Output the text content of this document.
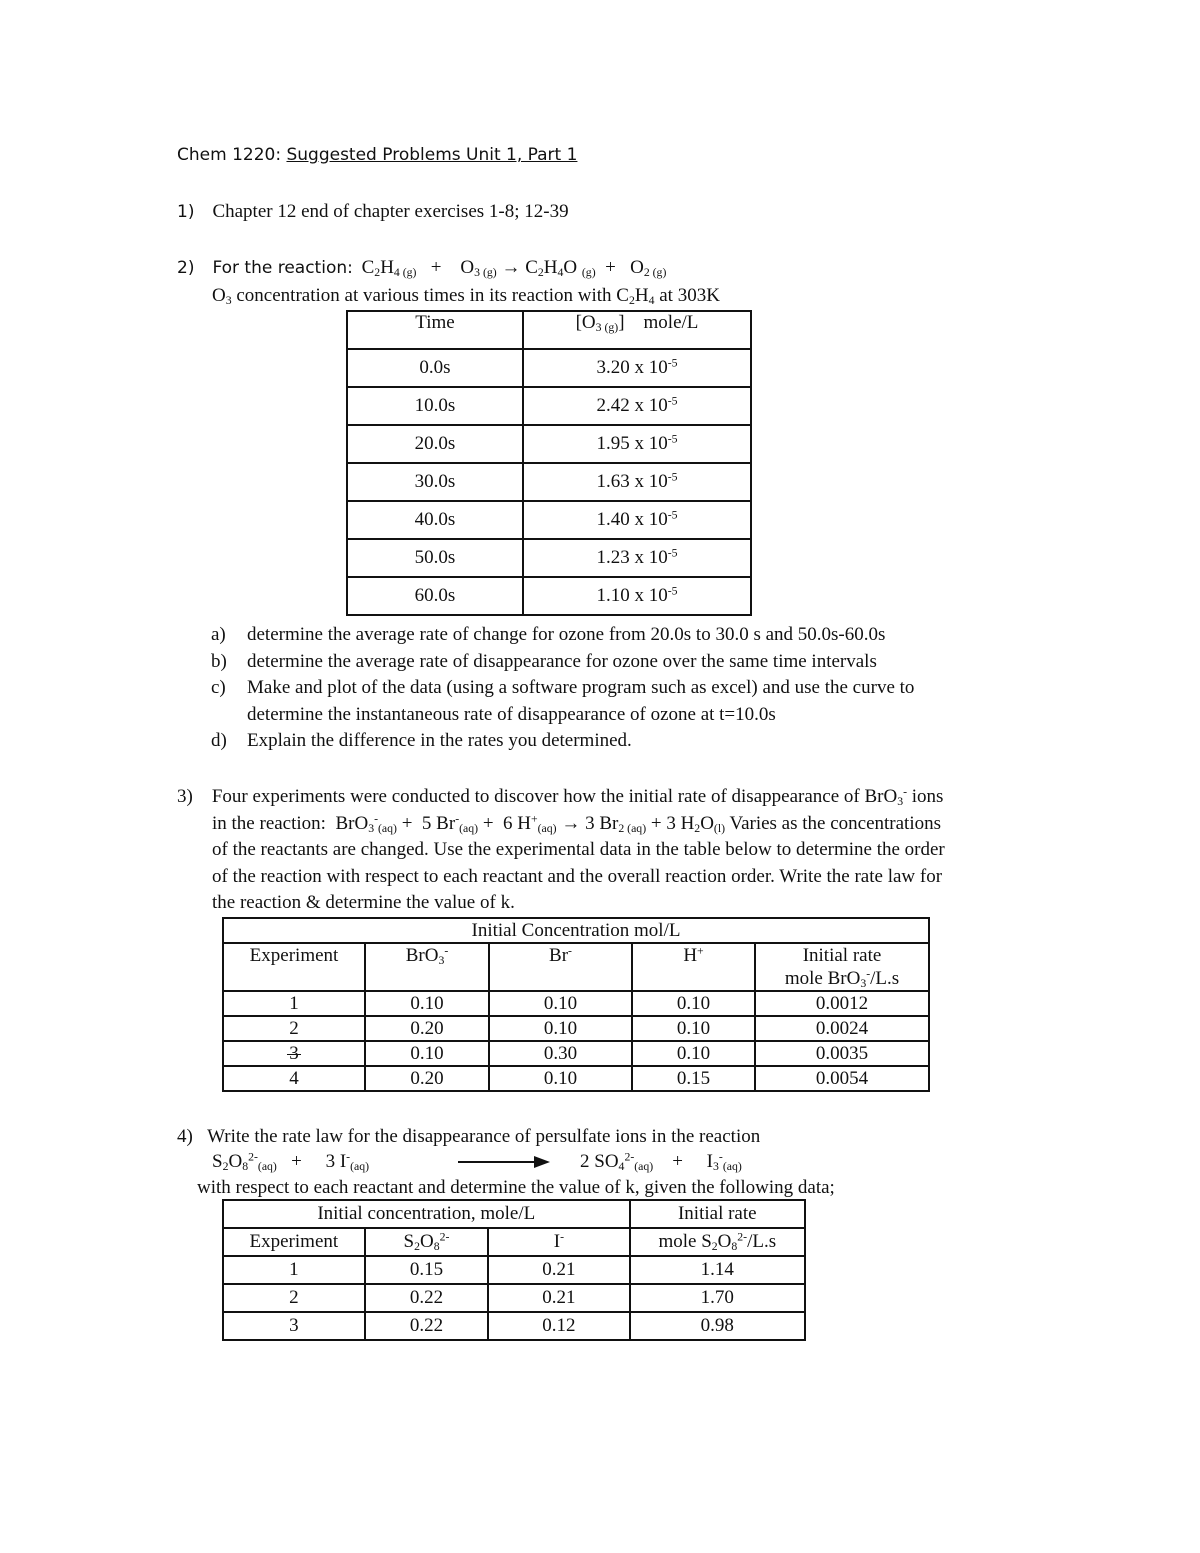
Chem 1220: Suggested Problems Unit 1, Part 1
1) Chapter 12 end of chapter exercises 1-8; 12-39
2) For the reaction:  $C_2H_{4 (g)}$   +    $O_{3 (g)} \to C_2H_4O$ $_{(g)} + O_{2 (g)}$
$O_3$ concentration at various times in its reaction with $C_2H_4$ at 303K
Time	$[O_{3 (g)}]$    mole/L
0.0s	3.20 x $10^{-5}$
10.0s	2.42 x $10^{-5}$
20.0s	1.95 x $10^{-5}$
30.0s	1.63 x $10^{-5}$
40.0s	1.40 x $10^{-5}$
50.0s	1.23 x $10^{-5}$
60.0s	1.10 x $10^{-5}$
a) determine the average rate of change for ozone from 20.0s to 30.0 s and 50.0s-60.0s
b) determine the average rate of disappearance for ozone over the same time intervals
c) Make and plot of the data (using a software program such as excel) and use the curve to
determine the instantaneous rate of disappearance of ozone at t=10.0s
d) Explain the difference in the rates you determined.
3) Four experiments were conducted to discover how the initial rate of disappearance of BrO$_3$- ions
in the reaction:  BrO$_3$-$_{(aq)}$ +  5 $Br^-_{(aq)} + 6$ $H^+_{(aq)} \to 3$ $Br_{2 (aq)} + 3$ $H_2O_{(l)}$ Varies as the concentrations
of the reactants are changed. Use the experimental data in the table below to determine the order
of the reaction with respect to each reactant and the overall reaction order. Write the rate law for
the reaction & determine the value of k.
Initial Concentration mol/L				
Experiment	BrO$_3$-	Br-	H+	Initial rate
mole BrO$_3$-/L.s
1	0.10	0.10	0.10	0.0012
2	0.20	0.10	0.10	0.0024
3	0.10	0.30	0.10	0.0035
4	0.20	0.10	0.15	0.0054
4) Write the rate law for the disappearance of persulfate ions in the reaction
$S_2O_8^{2-}_{(aq)}$   +     3 $I^-_{(aq)}$	2 $SO_4^{2-}_{(aq)}$    +     $I_3^-_{(aq)}$
with respect to each reactant and determine the value of k, given the following data;
Initial concentration, mole/L			Initial rate
Experiment	$S_2O_8^{2-}$	I-	mole $S_2O_8^{2-}/L.s$
1	0.15	0.21	1.14
2	0.22	0.21	1.70
3	0.22	0.12	0.98
